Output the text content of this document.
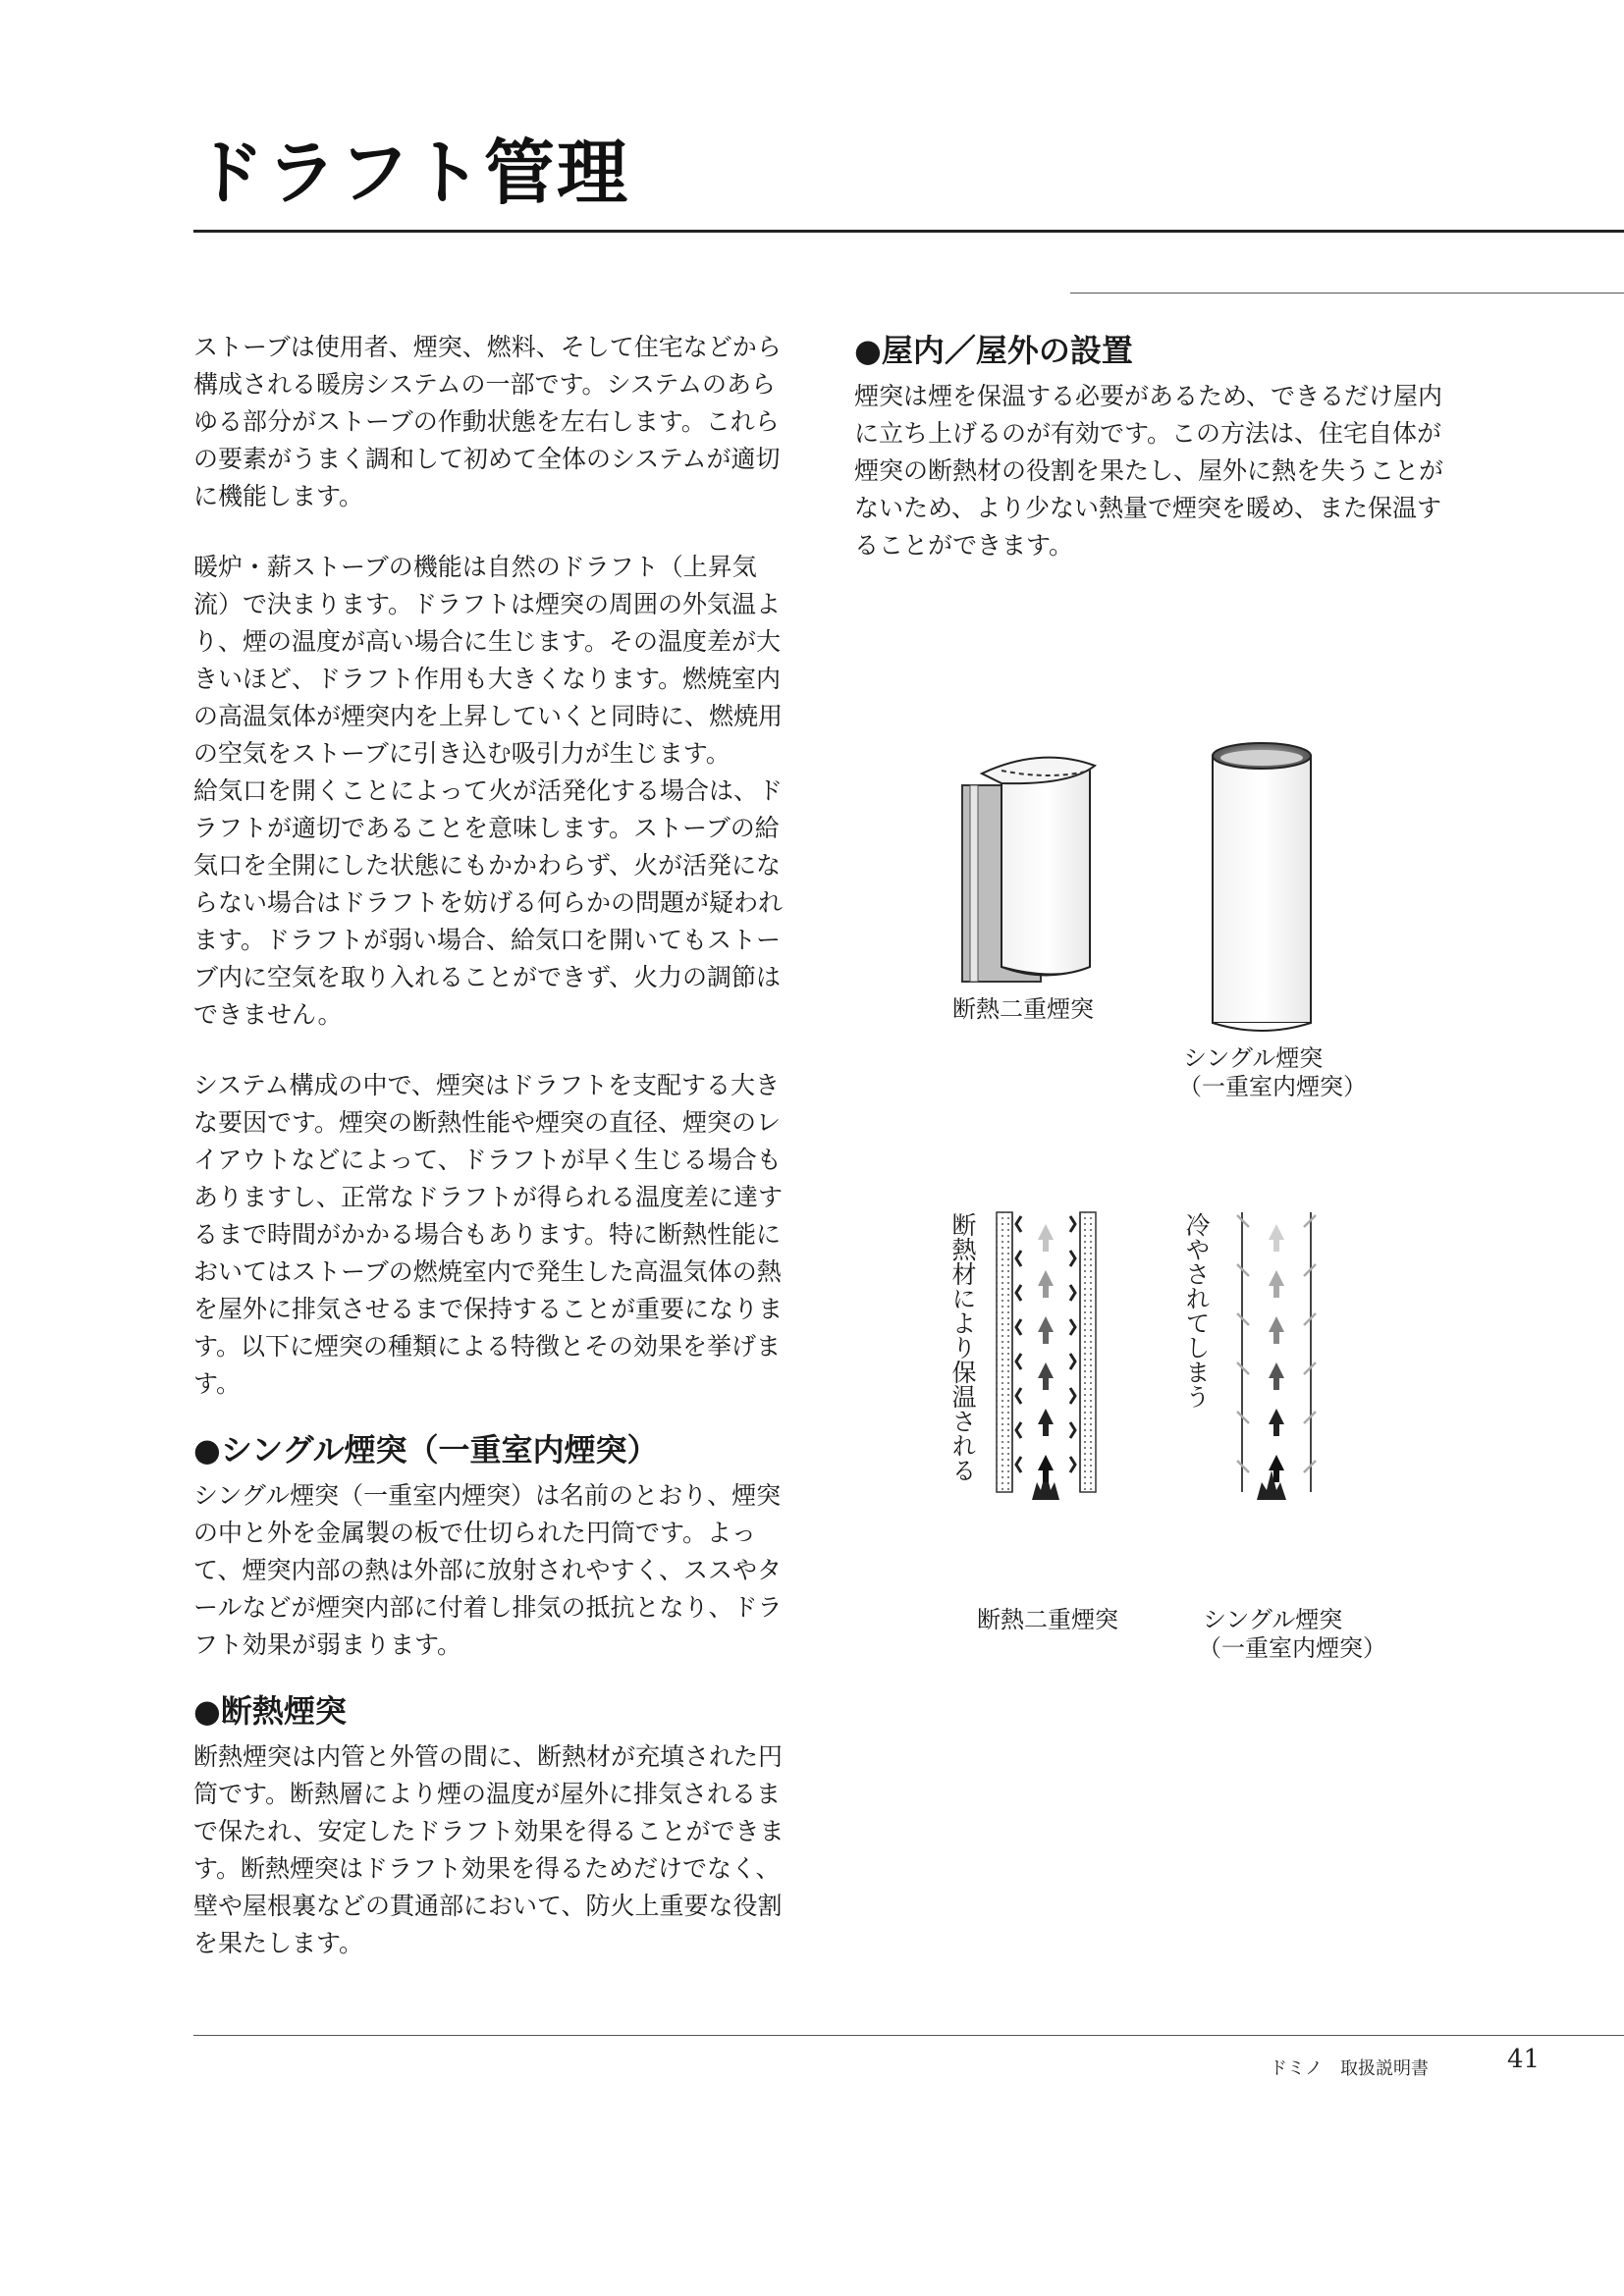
ドラフト管理

ストーブは使用者、煙突、燃料、そして住宅などから構成される暖房システムの一部です。システムのあらゆる部分がストーブの作動状態を左右します。これらの要素がうまく調和して初めて全体のシステムが適切に機能します。

暖炉・薪ストーブの機能は自然のドラフト（上昇気流）で決まります。ドラフトは煙突の周囲の外気温より、煙の温度が高い場合に生じます。その温度差が大きいほど、ドラフト作用も大きくなります。燃焼室内の高温気体が煙突内を上昇していくと同時に、燃焼用の空気をストーブに引き込む吸引力が生じます。

給気口を開くことによって火が活発化する場合は、ドラフトが適切であることを意味します。ストーブの給気口を全開にした状態にもかかわらず、火が活発にならない場合はドラフトを妨げる何らかの問題が疑われます。ドラフトが弱い場合、給気口を開いてもストーブ内に空気を取り入れることができず、火力の調節はできません。

システム構成の中で、煙突はドラフトを支配する大きな要因です。煙突の断熱性能や煙突の直径、煙突のレイアウトなどによって、ドラフトが早く生じる場合もありますし、正常なドラフトが得られる温度差に達するまで時間がかかる場合もあります。特に断熱性能においてはストーブの燃焼室内で発生した高温気体の熱を屋外に排気させるまで保持することが重要になります。以下に煙突の種類による特徴とその効果を挙げます。

●シングル煙突（一重室内煙突）

シングル煙突（一重室内煙突）は名前のとおり、煙突の中と外を金属製の板で仕切られた円筒です。よって、煙突内部の熱は外部に放射されやすく、ススやタールなどが煙突内部に付着し排気の抵抗となり、ドラフト効果が弱まります。

●断熱煙突

断熱煙突は内管と外管の間に、断熱材が充填された円筒です。断熱層により煙の温度が屋外に排気されるまで保たれ、安定したドラフト効果を得ることができます。断熱煙突はドラフト効果を得るためだけでなく、壁や屋根裏などの貫通部において、防火上重要な役割を果たします。

●屋内／屋外の設置

煙突は煙を保温する必要があるため、できるだけ屋内に立ち上げるのが有効です。この方法は、住宅自体が煙突の断熱材の役割を果たし、屋外に熱を失うことがないため、より少ない熱量で煙突を暖め、また保温することができます。

断熱二重煙突
シングル煙突
（一重室内煙突）
断熱材により保温される	冷やされてしまう
断熱二重煙突	シングル煙突
（一重室内煙突）
ドミノ　取扱説明書	41
